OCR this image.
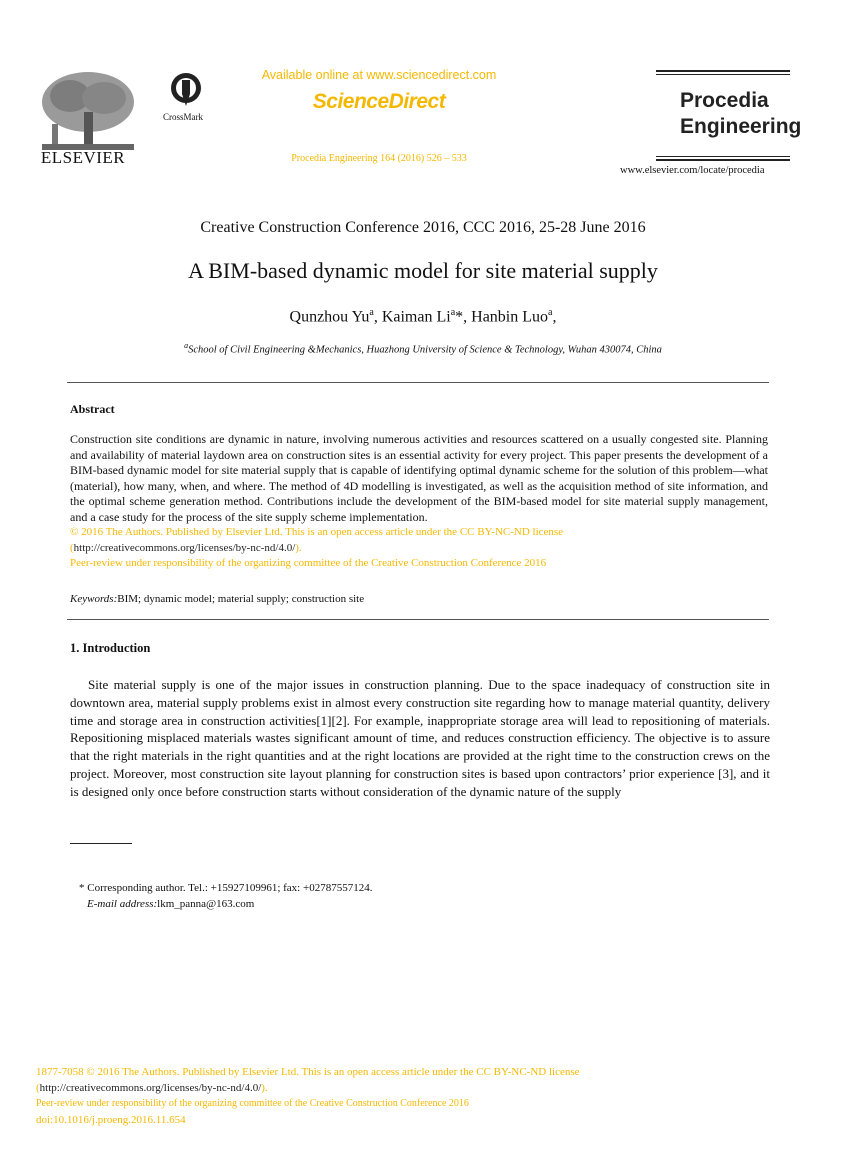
ELSEVIER
CrossMark
Available online at www.sciencedirect.com
ScienceDirect
Procedia Engineering 164 (2016) 526 – 533
Procedia
Engineering
www.elsevier.com/locate/procedia
Creative Construction Conference 2016, CCC 2016, 25-28 June 2016
A BIM-based dynamic model for site material supply
Qunzhou Yu$^a$, Kaiman Li$^a$*, Hanbin Luo$^a$,
$^a$School of Civil Engineering &Mechanics, Huazhong University of Science & Technology, Wuhan 430074, China
Abstract
Construction site conditions are dynamic in nature, involving numerous activities and resources scattered on a usually congested site. Planning and availability of material laydown area on construction sites is an essential activity for every project. This paper presents the development of a BIM-based dynamic model for site material supply that is capable of identifying optimal dynamic scheme for the solution of this problem—what (material), how many, when, and where. The method of 4D modelling is investigated, as well as the acquisition method of site information, and the optimal scheme generation method. Contributions include the development of the BIM-based model for site material supply management, and a case study for the process of the site supply scheme implementation.
© 2016 The Authors. Published by Elsevier Ltd. This is an open access article under the CC BY-NC-ND license
(http://creativecommons.org/licenses/by-nc-nd/4.0/).
Peer-review under responsibility of the organizing committee of the Creative Construction Conference 2016
Keywords:BIM; dynamic model; material supply; construction site
1. Introduction
Site material supply is one of the major issues in construction planning. Due to the space inadequacy of construction site in downtown area, material supply problems exist in almost every construction site regarding how to manage material quantity, delivery time and storage area in construction activities[1][2]. For example, inappropriate storage area will lead to repositioning of materials. Repositioning misplaced materials wastes significant amount of time, and reduces construction efficiency. The objective is to assure that the right materials in the right quantities and at the right locations are provided at the right time to the construction crews on the project. Moreover, most construction site layout planning for construction sites is based upon contractors’ prior experience [3], and it is designed only once before construction starts without consideration of the dynamic nature of the supply
* Corresponding author. Tel.: +15927109961; fax: +02787557124.
E-mail address:lkm_panna@163.com
1877-7058 © 2016 The Authors. Published by Elsevier Ltd. This is an open access article under the CC BY-NC-ND license
(http://creativecommons.org/licenses/by-nc-nd/4.0/).
Peer-review under responsibility of the organizing committee of the Creative Construction Conference 2016
doi:10.1016/j.proeng.2016.11.654
